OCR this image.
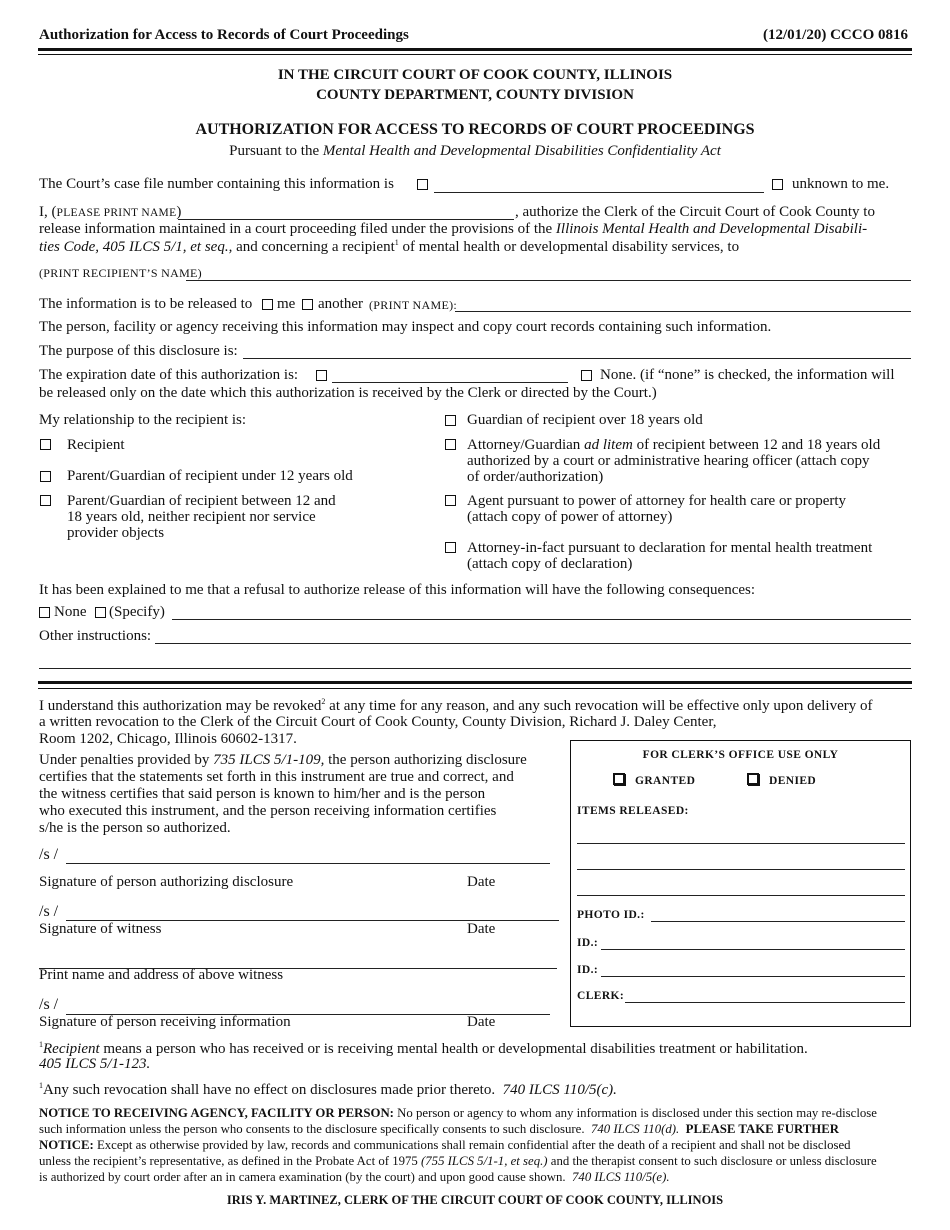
Authorization for Access to Records of Court Proceedings	(12/01/20) CCCO 0816
IN THE CIRCUIT COURT OF COOK COUNTY, ILLINOIS
COUNTY DEPARTMENT, COUNTY DIVISION
AUTHORIZATION FOR ACCESS TO RECORDS OF COURT PROCEEDINGS
Pursuant to the Mental Health and Developmental Disabilities Confidentiality Act
The Court’s case file number containing this information is	unknown to me.
I, (PLEASE PRINT NAME)	, authorize the Clerk of the Circuit Court of Cook County to
release information maintained in a court proceeding filed under the provisions of the Illinois Mental Health and Developmental Disabili-
ties Code, 405 ILCS 5/1, et seq., and concerning a recipient$^1$ of mental health or developmental disability services, to
(PRINT RECIPIENT’S NAME)
The information is to be released to me another (PRINT NAME):
The person, facility or agency receiving this information may inspect and copy court records containing such information.
The purpose of this disclosure is:
The expiration date of this authorization is:	None. (if “none” is checked, the information will
be released only on the date which this authorization is received by the Clerk or directed by the Court.)
My relationship to the recipient is:
Recipient
Parent/Guardian of recipient under 12 years old
Parent/Guardian of recipient between 12 and
18 years old, neither recipient nor service
provider objects
Guardian of recipient over 18 years old
Attorney/Guardian ad litem of recipient between 12 and 18 years old
authorized by a court or administrative hearing officer (attach copy
of order/authorization)
Agent pursuant to power of attorney for health care or property
(attach copy of power of attorney)
Attorney-in-fact pursuant to declaration for mental health treatment
(attach copy of declaration)
It has been explained to me that a refusal to authorize release of this information will have the following consequences:
None (Specify)
Other instructions:
I understand this authorization may be revoked$^2$ at any time for any reason, and any such revocation will be effective only upon delivery of
a written revocation to the Clerk of the Circuit Court of Cook County, County Division, Richard J. Daley Center,
Room 1202, Chicago, Illinois 60602-1317.
Under penalties provided by 735 ILCS 5/1-109, the person authorizing disclosure
certifies that the statements set forth in this instrument are true and correct, and
the witness certifies that said person is known to him/her and is the person
who executed this instrument, and the person receiving information certifies
s/he is the person so authorized.
/s /
Signature of person authorizing disclosure	Date
/s /
Signature of witness	Date
Print name and address of above witness
/s /
Signature of person receiving information	Date
FOR CLERK’S OFFICE USE ONLY
GRANTED	DENIED
ITEMS RELEASED:
PHOTO ID.:
ID.:
ID.:
CLERK:
$^1$Recipient means a person who has received or is receiving mental health or developmental disabilities treatment or habilitation.
405 ILCS 5/1-123.
$^1$Any such revocation shall have no effect on disclosures made prior thereto. 740 ILCS 110/5(c).
NOTICE TO RECEIVING AGENCY, FACILITY OR PERSON: No person or agency to whom any information is disclosed under this section may re-disclose
such information unless the person who consents to the disclosure specifically consents to such disclosure. 740 ILCS 110(d). PLEASE TAKE FURTHER
NOTICE: Except as otherwise provided by law, records and communications shall remain confidential after the death of a recipient and shall not be disclosed
unless the recipient’s representative, as defined in the Probate Act of 1975 (755 ILCS 5/1-1, et seq.) and the therapist consent to such disclosure or unless disclosure
is authorized by court order after an in camera examination (by the court) and upon good cause shown. 740 ILCS 110/5(e).
IRIS Y. MARTINEZ, CLERK OF THE CIRCUIT COURT OF COOK COUNTY, ILLINOIS
